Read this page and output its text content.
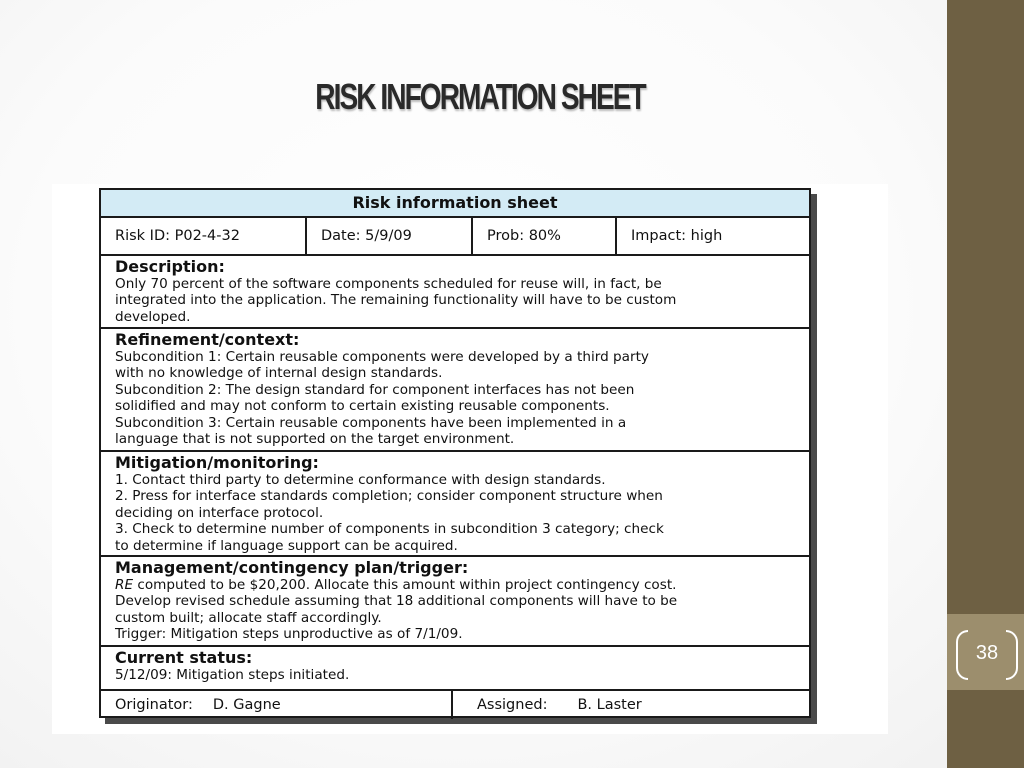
38
RISK INFORMATION SHEET
Risk information sheet
Risk ID: P02-4-32	Date: 5/9/09	Prob: 80%	Impact: high
Description:

Only 70 percent of the software components scheduled for reuse will, in fact, be

integrated into the application. The remaining functionality will have to be custom

developed.

Refinement/context:

Subcondition 1: Certain reusable components were developed by a third party

with no knowledge of internal design standards.

Subcondition 2: The design standard for component interfaces has not been

solidified and may not conform to certain existing reusable components.

Subcondition 3: Certain reusable components have been implemented in a

language that is not supported on the target environment.

Mitigation/monitoring:

1. Contact third party to determine conformance with design standards.

2. Press for interface standards completion; consider component structure when

deciding on interface protocol.

3. Check to determine number of components in subcondition 3 category; check

to determine if language support can be acquired.

Management/contingency plan/trigger:

RE computed to be $20,200. Allocate this amount within project contingency cost.

Develop revised schedule assuming that 18 additional components will have to be

custom built; allocate staff accordingly.

Trigger: Mitigation steps unproductive as of 7/1/09.

Current status:

5/12/09: Mitigation steps initiated.

Originator: D. Gagne	Assigned: B. Laster
